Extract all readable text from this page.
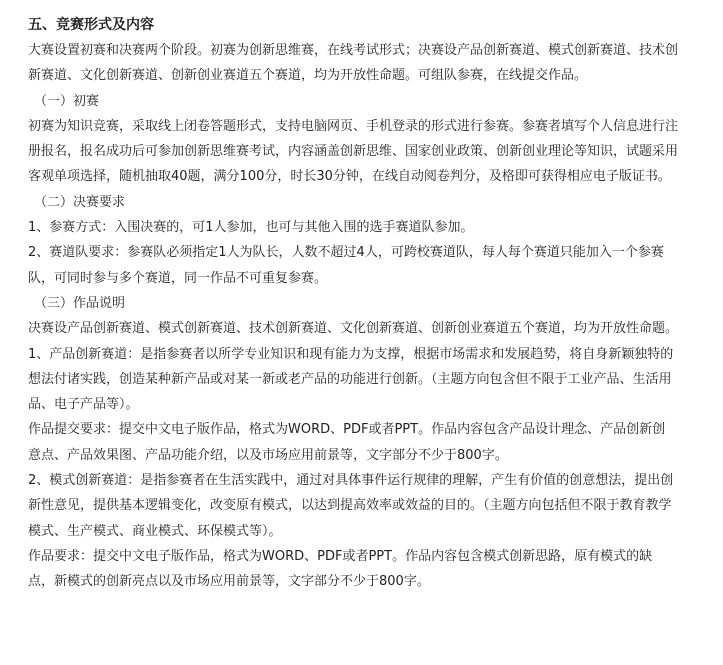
五、竞赛形式及内容

大赛设置初赛和决赛两个阶段。初赛为创新思维赛，在线考试形式；决赛设产品创新赛道、模式创新赛道、技术创新赛道、文化创新赛道、创新创业赛道五个赛道，均为开放性命题。可组队参赛，在线提交作品。

（一）初赛

初赛为知识竞赛，采取线上闭卷答题形式，支持电脑网页、手机登录的形式进行参赛。参赛者填写个人信息进行注册报名，报名成功后可参加创新思维赛考试，内容涵盖创新思维、国家创业政策、创新创业理论等知识，试题采用客观单项选择，随机抽取40题，满分100分，时长30分钟，在线自动阅卷判分，及格即可获得相应电子版证书。

（二）决赛要求

1、参赛方式：入围决赛的，可1人参加，也可与其他入围的选手赛道队参加。

2、赛道队要求：参赛队必须指定1人为队长，人数不超过4人，可跨校赛道队，每人每个赛道只能加入一个参赛队，可同时参与多个赛道，同一作品不可重复参赛。

（三）作品说明

决赛设产品创新赛道、模式创新赛道、技术创新赛道、文化创新赛道、创新创业赛道五个赛道，均为开放性命题。

1、产品创新赛道：是指参赛者以所学专业知识和现有能力为支撑，根据市场需求和发展趋势，将自身新颖独特的想法付诸实践，创造某种新产品或对某一新或老产品的功能进行创新。（主题方向包含但不限于工业产品、生活用品、电子产品等）。

作品提交要求：提交中文电子版作品，格式为WORD、PDF或者PPT。作品内容包含产品设计理念、产品创新创意点、产品效果图、产品功能介绍，以及市场应用前景等，文字部分不少于800字。

2、模式创新赛道：是指参赛者在生活实践中，通过对具体事件运行规律的理解，产生有价值的创意想法，提出创新性意见，提供基本逻辑变化，改变原有模式，以达到提高效率或效益的目的。（主题方向包括但不限于教育教学模式、生产模式、商业模式、环保模式等）。

作品要求：提交中文电子版作品，格式为WORD、PDF或者PPT。作品内容包含模式创新思路，原有模式的缺点，新模式的创新亮点以及市场应用前景等，文字部分不少于800字。
